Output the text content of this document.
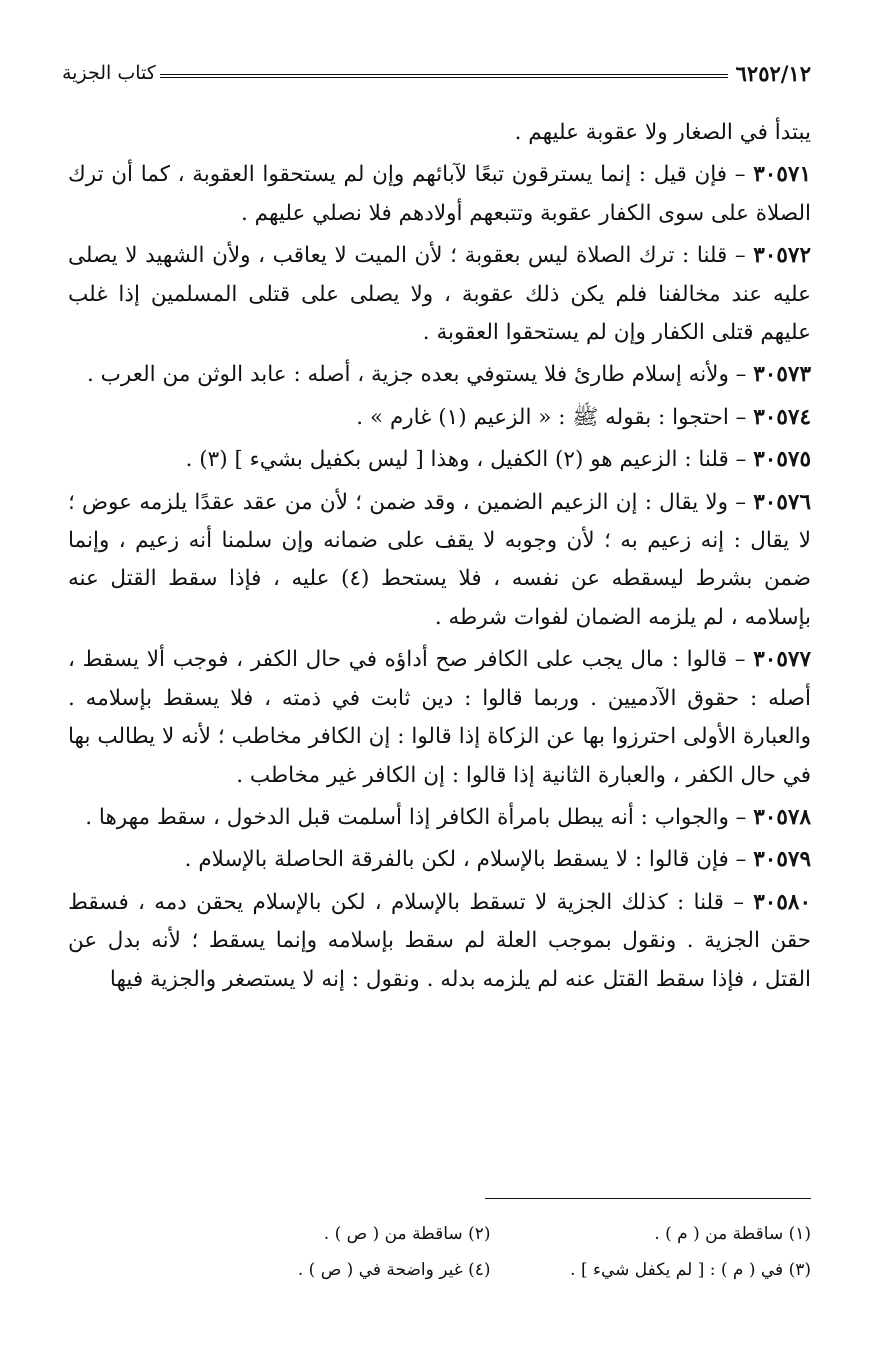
٦٢٥٢/١٢
كتاب الجزية

يبتدأ في الصغار ولا عقوبة عليهم .

٣٠٥٧١ – فإن قيل : إنما يسترقون تبعًا لآبائهم وإن لم يستحقوا العقوبة ، كما أن ترك الصلاة على سوى الكفار عقوبة وتتبعهم أولادهم فلا نصلي عليهم .

٣٠٥٧٢ – قلنا : ترك الصلاة ليس بعقوبة ؛ لأن الميت لا يعاقب ، ولأن الشهيد لا يصلى عليه عند مخالفنا فلم يكن ذلك عقوبة ، ولا يصلى على قتلى المسلمين إذا غلب عليهم قتلى الكفار وإن لم يستحقوا العقوبة .

٣٠٥٧٣ – ولأنه إسلام طارئ فلا يستوفي بعده جزية ، أصله : عابد الوثن من العرب .

٣٠٥٧٤ – احتجوا : بقوله ﷺ : « الزعيم (١) غارم » .

٣٠٥٧٥ – قلنا : الزعيم هو (٢) الكفيل ، وهذا [ ليس بكفيل بشيء ] (٣) .

٣٠٥٧٦ – ولا يقال : إن الزعيم الضمين ، وقد ضمن ؛ لأن من عقد عقدًا يلزمه عوض ؛ لا يقال : إنه زعيم به ؛ لأن وجوبه لا يقف على ضمانه وإن سلمنا أنه زعيم ، وإنما ضمن بشرط ليسقطه عن نفسه ، فلا يستحط (٤) عليه ، فإذا سقط القتل عنه بإسلامه ، لم يلزمه الضمان لفوات شرطه .

٣٠٥٧٧ – قالوا : مال يجب على الكافر صح أداؤه في حال الكفر ، فوجب ألا يسقط ، أصله : حقوق الآدميين . وربما قالوا : دين ثابت في ذمته ، فلا يسقط بإسلامه . والعبارة الأولى احترزوا بها عن الزكاة إذا قالوا : إن الكافر مخاطب ؛ لأنه لا يطالب بها في حال الكفر ، والعبارة الثانية إذا قالوا : إن الكافر غير مخاطب .

٣٠٥٧٨ – والجواب : أنه يبطل بامرأة الكافر إذا أسلمت قبل الدخول ، سقط مهرها .

٣٠٥٧٩ – فإن قالوا : لا يسقط بالإسلام ، لكن بالفرقة الحاصلة بالإسلام .

٣٠٥٨٠ – قلنا : كذلك الجزية لا تسقط بالإسلام ، لكن بالإسلام يحقن دمه ، فسقط حقن الجزية . ونقول بموجب العلة لم سقط بإسلامه وإنما يسقط ؛ لأنه بدل عن القتل ، فإذا سقط القتل عنه لم يلزمه بدله . ونقول : إنه لا يستصغر والجزية فيها

(١) ساقطة من ( م ) .
(٢) ساقطة من ( ص ) .
(٣) في ( م ) : [ لم يكفل شيء ] .
(٤) غير واضحة في ( ص ) .
